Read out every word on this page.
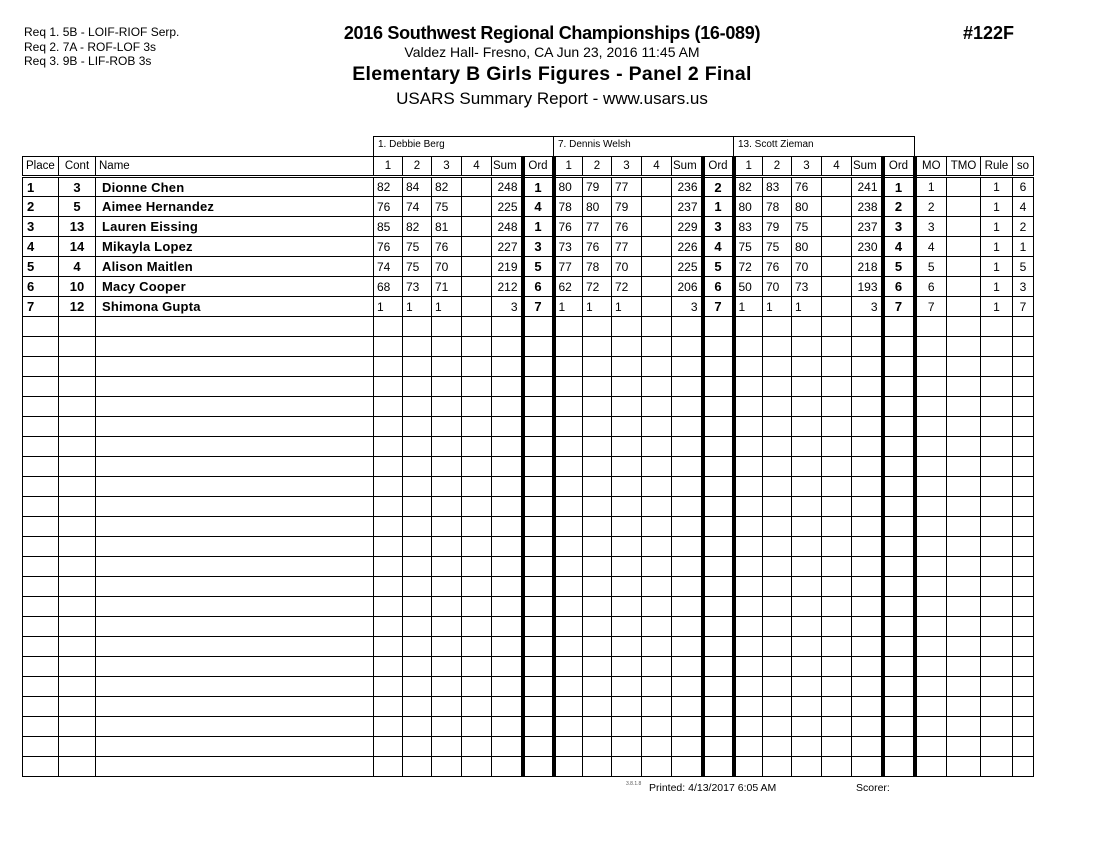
Req 1. 5B - LOIF-RIOF Serp.
Req 2. 7A - ROF-LOF 3s
Req 3. 9B - LIF-ROB 3s
2016 Southwest Regional Championships (16-089)
Valdez Hall- Fresno, CA Jun 23, 2016 11:45 AM
Elementary B Girls Figures - Panel 2 Final
USARS Summary Report - www.usars.us
#122F
1. Debbie Berg	7. Dennis Welsh	13. Scott Zieman
Place	Cont	Name	1	2	3	4	Sum	Ord	1	2	3	4	Sum	Ord	1	2	3	4	Sum	Ord	MO	TMO	Rule	so
1	3	Dionne Chen	82	84	82		248	1	80	79	77		236	2	82	83	76		241	1	1		1	6
2	5	Aimee Hernandez	76	74	75		225	4	78	80	79		237	1	80	78	80		238	2	2		1	4
3	13	Lauren Eissing	85	82	81		248	1	76	77	76		229	3	83	79	75		237	3	3		1	2
4	14	Mikayla Lopez	76	75	76		227	3	73	76	77		226	4	75	75	80		230	4	4		1	1
5	4	Alison Maitlen	74	75	70		219	5	77	78	70		225	5	72	76	70		218	5	5		1	5
6	10	Macy Cooper	68	73	71		212	6	62	72	72		206	6	50	70	73		193	6	6		1	3
7	12	Shimona Gupta	1	1	1		3	7	1	1	1		3	7	1	1	1		3	7	7		1	7

3.8.1.8 Printed: 4/13/2017 6:05 AM	Scorer:
